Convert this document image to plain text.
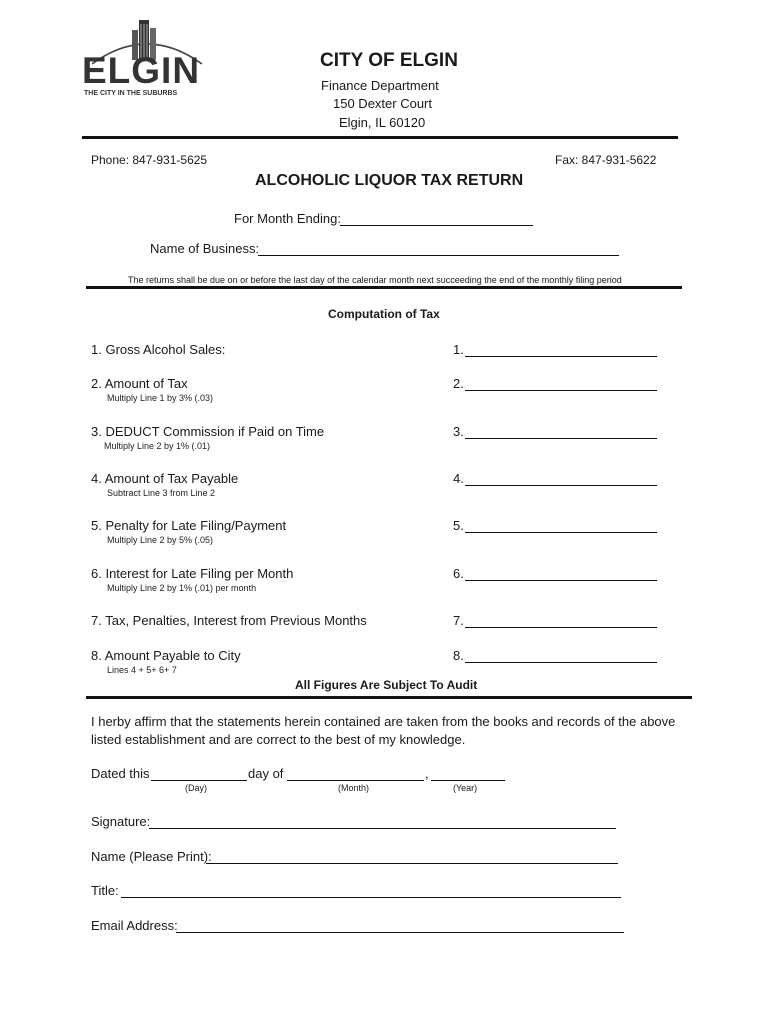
ELGIN
THE CITY IN THE SUBURBS
CITY OF ELGIN
Finance Department
150 Dexter Court
Elgin, IL 60120
Phone: 847-931-5625	Fax: 847-931-5622
ALCOHOLIC LIQUOR TAX RETURN
For Month Ending:
Name of Business:
The returns shall be due on or before the last day of the calendar month next succeeding the end of the monthly filing period
Computation of Tax
1. Gross Alcohol Sales:	1.
2. Amount of Tax
Multiply Line 1 by 3% (.03)
2.
3. DEDUCT Commission if Paid on Time
Multiply Line 2 by 1% (.01)
3.
4. Amount of Tax Payable
Subtract Line 3 from Line 2
4.
5. Penalty for Late Filing/Payment
Multiply Line 2 by 5% (.05)
5.
6. Interest for Late Filing per Month
Multiply Line 2 by 1% (.01) per month
6.
7. Tax, Penalties, Interest from Previous Months	7.
8. Amount Payable to City
Lines 4 + 5+ 6+ 7
8.
All Figures Are Subject To Audit
I herby affirm that the statements herein contained are taken from the books and records of the above
listed establishment and are correct to the best of my knowledge.
Dated this	day of	,
(Day)	(Month)	(Year)
Signature:
Name (Please Print):
Title:
Email Address:
